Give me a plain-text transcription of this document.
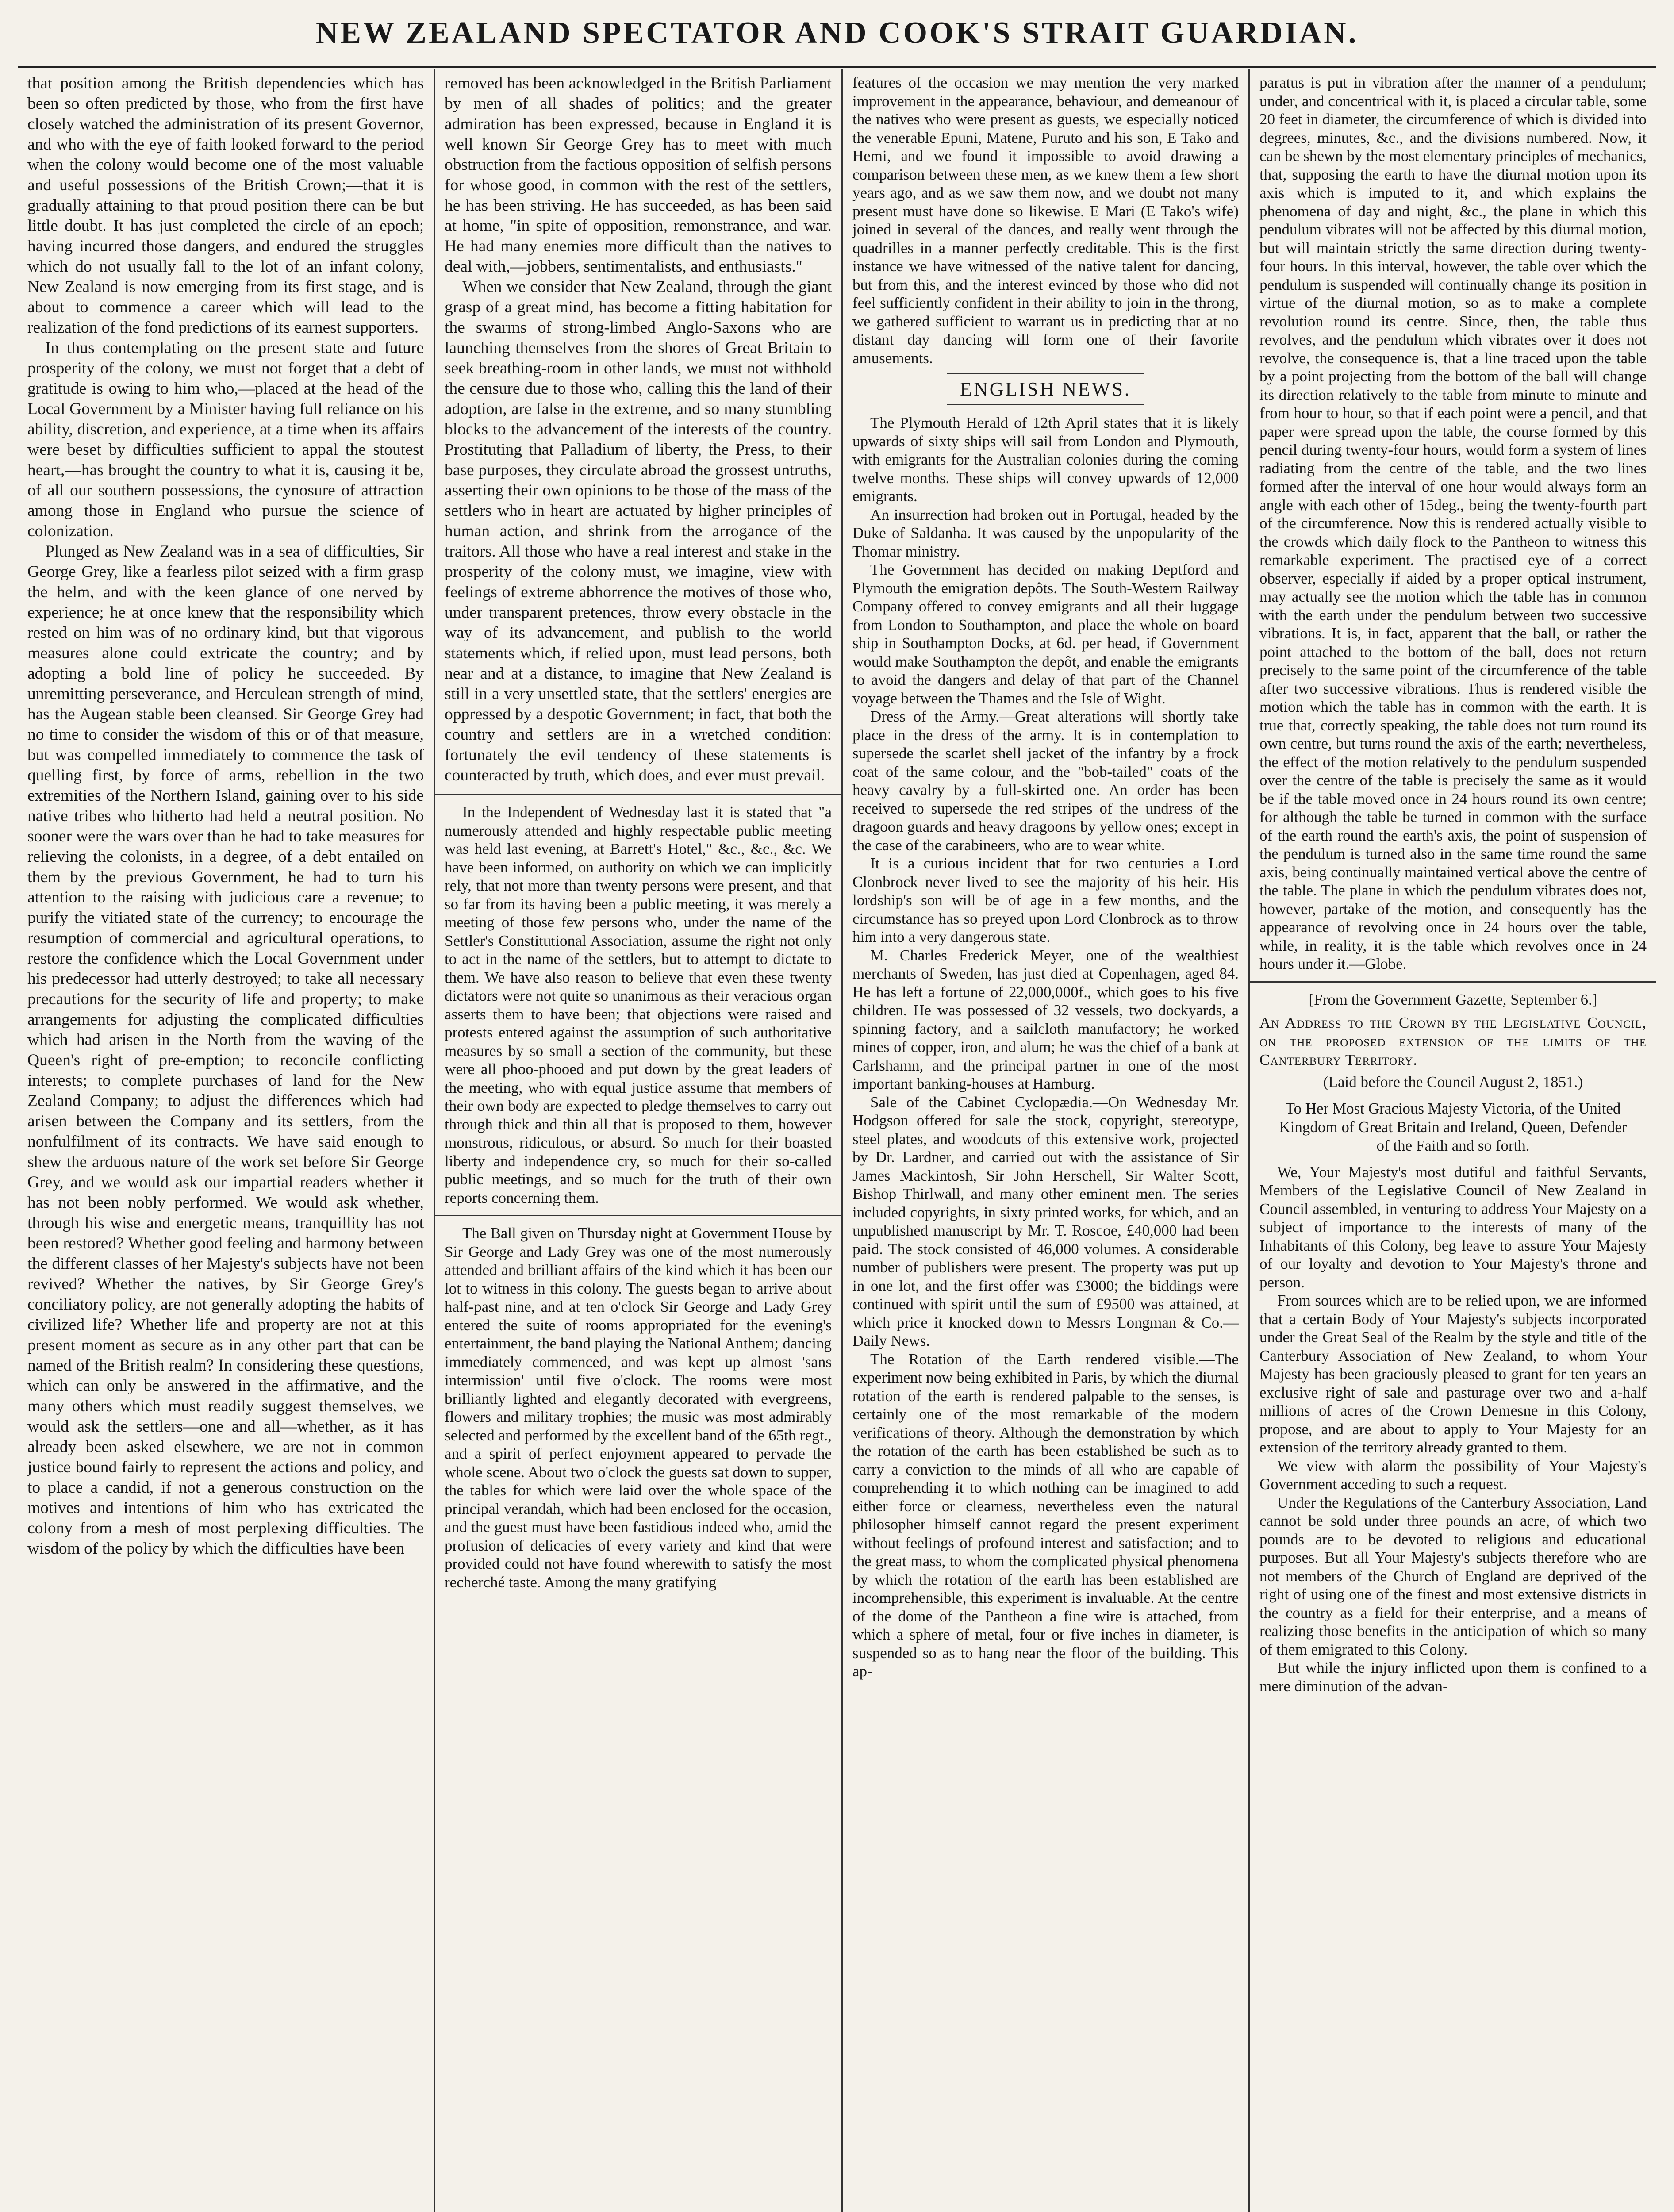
NEW ZEALAND SPECTATOR AND COOK'S STRAIT GUARDIAN.

that position among the British dependencies which has been so often predicted by those, who from the first have closely watched the administration of its present Governor, and who with the eye of faith looked forward to the period when the colony would become one of the most valuable and useful possessions of the British Crown;—that it is gradually attaining to that proud position there can be but little doubt. It has just completed the circle of an epoch; having incurred those dangers, and endured the struggles which do not usually fall to the lot of an infant colony, New Zealand is now emerging from its first stage, and is about to commence a career which will lead to the realization of the fond predictions of its earnest supporters.

In thus contemplating on the present state and future prosperity of the colony, we must not forget that a debt of gratitude is owing to him who,—placed at the head of the Local Government by a Minister having full reliance on his ability, discretion, and experience, at a time when its affairs were beset by difficulties sufficient to appal the stoutest heart,—has brought the country to what it is, causing it be, of all our southern possessions, the cynosure of attraction among those in England who pursue the science of colonization.

Plunged as New Zealand was in a sea of difficulties, Sir George Grey, like a fearless pilot seized with a firm grasp the helm, and with the keen glance of one nerved by experience; he at once knew that the responsibility which rested on him was of no ordinary kind, but that vigorous measures alone could extricate the country; and by adopting a bold line of policy he succeeded. By unremitting perseverance, and Herculean strength of mind, has the Augean stable been cleansed. Sir George Grey had no time to consider the wisdom of this or of that measure, but was compelled immediately to commence the task of quelling first, by force of arms, rebellion in the two extremities of the Northern Island, gaining over to his side native tribes who hitherto had held a neutral position. No sooner were the wars over than he had to take measures for relieving the colonists, in a degree, of a debt entailed on them by the previous Government, he had to turn his attention to the raising with judicious care a revenue; to purify the vitiated state of the currency; to encourage the resumption of commercial and agricultural operations, to restore the confidence which the Local Government under his predecessor had utterly destroyed; to take all necessary precautions for the security of life and property; to make arrangements for adjusting the complicated difficulties which had arisen in the North from the waving of the Queen's right of pre-emption; to reconcile conflicting interests; to complete purchases of land for the New Zealand Company; to adjust the differences which had arisen between the Company and its settlers, from the nonfulfilment of its contracts. We have said enough to shew the arduous nature of the work set before Sir George Grey, and we would ask our impartial readers whether it has not been nobly performed. We would ask whether, through his wise and energetic means, tranquillity has not been restored? Whether good feeling and harmony between the different classes of her Majesty's subjects have not been revived? Whether the natives, by Sir George Grey's conciliatory policy, are not generally adopting the habits of civilized life? Whether life and property are not at this present moment as secure as in any other part that can be named of the British realm? In considering these questions, which can only be answered in the affirmative, and the many others which must readily suggest themselves, we would ask the settlers—one and all—whether, as it has already been asked elsewhere, we are not in common justice bound fairly to represent the actions and policy, and to place a candid, if not a generous construction on the motives and intentions of him who has extricated the colony from a mesh of most perplexing difficulties. The wisdom of the policy by which the difficulties have been

removed has been acknowledged in the British Parliament by men of all shades of politics; and the greater admiration has been expressed, because in England it is well known Sir George Grey has to meet with much obstruction from the factious opposition of selfish persons for whose good, in common with the rest of the settlers, he has been striving. He has succeeded, as has been said at home, "in spite of opposition, remonstrance, and war. He had many enemies more difficult than the natives to deal with,—jobbers, sentimentalists, and enthusiasts."

When we consider that New Zealand, through the giant grasp of a great mind, has become a fitting habitation for the swarms of strong-limbed Anglo-Saxons who are launching themselves from the shores of Great Britain to seek breathing-room in other lands, we must not withhold the censure due to those who, calling this the land of their adoption, are false in the extreme, and so many stumbling blocks to the advancement of the interests of the country. Prostituting that Palladium of liberty, the Press, to their base purposes, they circulate abroad the grossest untruths, asserting their own opinions to be those of the mass of the settlers who in heart are actuated by higher principles of human action, and shrink from the arrogance of the traitors. All those who have a real interest and stake in the prosperity of the colony must, we imagine, view with feelings of extreme abhorrence the motives of those who, under transparent pretences, throw every obstacle in the way of its advancement, and publish to the world statements which, if relied upon, must lead persons, both near and at a distance, to imagine that New Zealand is still in a very unsettled state, that the settlers' energies are oppressed by a despotic Government; in fact, that both the country and settlers are in a wretched condition: fortunately the evil tendency of these statements is counteracted by truth, which does, and ever must prevail.

In the Independent of Wednesday last it is stated that "a numerously attended and highly respectable public meeting was held last evening, at Barrett's Hotel," &c., &c., &c. We have been informed, on authority on which we can implicitly rely, that not more than twenty persons were present, and that so far from its having been a public meeting, it was merely a meeting of those few persons who, under the name of the Settler's Constitutional Association, assume the right not only to act in the name of the settlers, but to attempt to dictate to them. We have also reason to believe that even these twenty dictators were not quite so unanimous as their veracious organ asserts them to have been; that objections were raised and protests entered against the assumption of such authoritative measures by so small a section of the community, but these were all phoo-phooed and put down by the great leaders of the meeting, who with equal justice assume that members of their own body are expected to pledge themselves to carry out through thick and thin all that is proposed to them, however monstrous, ridiculous, or absurd. So much for their boasted liberty and independence cry, so much for their so-called public meetings, and so much for the truth of their own reports concerning them.

The Ball given on Thursday night at Government House by Sir George and Lady Grey was one of the most numerously attended and brilliant affairs of the kind which it has been our lot to witness in this colony. The guests began to arrive about half-past nine, and at ten o'clock Sir George and Lady Grey entered the suite of rooms appropriated for the evening's entertainment, the band playing the National Anthem; dancing immediately commenced, and was kept up almost 'sans intermission' until five o'clock. The rooms were most brilliantly lighted and elegantly decorated with evergreens, flowers and military trophies; the music was most admirably selected and performed by the excellent band of the 65th regt., and a spirit of perfect enjoyment appeared to pervade the whole scene. About two o'clock the guests sat down to supper, the tables for which were laid over the whole space of the principal verandah, which had been enclosed for the occasion, and the guest must have been fastidious indeed who, amid the profusion of delicacies of every variety and kind that were provided could not have found wherewith to satisfy the most recherché taste. Among the many gratifying

features of the occasion we may mention the very marked improvement in the appearance, behaviour, and demeanour of the natives who were present as guests, we especially noticed the venerable Epuni, Matene, Puruto and his son, E Tako and Hemi, and we found it impossible to avoid drawing a comparison between these men, as we knew them a few short years ago, and as we saw them now, and we doubt not many present must have done so likewise. E Mari (E Tako's wife) joined in several of the dances, and really went through the quadrilles in a manner perfectly creditable. This is the first instance we have witnessed of the native talent for dancing, but from this, and the interest evinced by those who did not feel sufficiently confident in their ability to join in the throng, we gathered sufficient to warrant us in predicting that at no distant day dancing will form one of their favorite amusements.

ENGLISH NEWS.

The Plymouth Herald of 12th April states that it is likely upwards of sixty ships will sail from London and Plymouth, with emigrants for the Australian colonies during the coming twelve months. These ships will convey upwards of 12,000 emigrants.

An insurrection had broken out in Portugal, headed by the Duke of Saldanha. It was caused by the unpopularity of the Thomar ministry.

The Government has decided on making Deptford and Plymouth the emigration depôts. The South-Western Railway Company offered to convey emigrants and all their luggage from London to Southampton, and place the whole on board ship in Southampton Docks, at 6d. per head, if Government would make Southampton the depôt, and enable the emigrants to avoid the dangers and delay of that part of the Channel voyage between the Thames and the Isle of Wight.

Dress of the Army.—Great alterations will shortly take place in the dress of the army. It is in contemplation to supersede the scarlet shell jacket of the infantry by a frock coat of the same colour, and the "bob-tailed" coats of the heavy cavalry by a full-skirted one. An order has been received to supersede the red stripes of the undress of the dragoon guards and heavy dragoons by yellow ones; except in the case of the carabineers, who are to wear white.

It is a curious incident that for two centuries a Lord Clonbrock never lived to see the majority of his heir. His lordship's son will be of age in a few months, and the circumstance has so preyed upon Lord Clonbrock as to throw him into a very dangerous state.

M. Charles Frederick Meyer, one of the wealthiest merchants of Sweden, has just died at Copenhagen, aged 84. He has left a fortune of 22,000,000f., which goes to his five children. He was possessed of 32 vessels, two dockyards, a spinning factory, and a sailcloth manufactory; he worked mines of copper, iron, and alum; he was the chief of a bank at Carlshamn, and the principal partner in one of the most important banking-houses at Hamburg.

Sale of the Cabinet Cyclopædia.—On Wednesday Mr. Hodgson offered for sale the stock, copyright, stereotype, steel plates, and woodcuts of this extensive work, projected by Dr. Lardner, and carried out with the assistance of Sir James Mackintosh, Sir John Herschell, Sir Walter Scott, Bishop Thirlwall, and many other eminent men. The series included copyrights, in sixty printed works, for which, and an unpublished manuscript by Mr. T. Roscoe, £40,000 had been paid. The stock consisted of 46,000 volumes. A considerable number of publishers were present. The property was put up in one lot, and the first offer was £3000; the biddings were continued with spirit until the sum of £9500 was attained, at which price it knocked down to Messrs Longman & Co.—Daily News.

The Rotation of the Earth rendered visible.—The experiment now being exhibited in Paris, by which the diurnal rotation of the earth is rendered palpable to the senses, is certainly one of the most remarkable of the modern verifications of theory. Although the demonstration by which the rotation of the earth has been established be such as to carry a conviction to the minds of all who are capable of comprehending it to which nothing can be imagined to add either force or clearness, nevertheless even the natural philosopher himself cannot regard the present experiment without feelings of profound interest and satisfaction; and to the great mass, to whom the complicated physical phenomena by which the rotation of the earth has been established are incomprehensible, this experiment is invaluable. At the centre of the dome of the Pantheon a fine wire is attached, from which a sphere of metal, four or five inches in diameter, is suspended so as to hang near the floor of the building. This ap-

paratus is put in vibration after the manner of a pendulum; under, and concentrical with it, is placed a circular table, some 20 feet in diameter, the circumference of which is divided into degrees, minutes, &c., and the divisions numbered. Now, it can be shewn by the most elementary principles of mechanics, that, supposing the earth to have the diurnal motion upon its axis which is imputed to it, and which explains the phenomena of day and night, &c., the plane in which this pendulum vibrates will not be affected by this diurnal motion, but will maintain strictly the same direction during twenty-four hours. In this interval, however, the table over which the pendulum is suspended will continually change its position in virtue of the diurnal motion, so as to make a complete revolution round its centre. Since, then, the table thus revolves, and the pendulum which vibrates over it does not revolve, the consequence is, that a line traced upon the table by a point projecting from the bottom of the ball will change its direction relatively to the table from minute to minute and from hour to hour, so that if each point were a pencil, and that paper were spread upon the table, the course formed by this pencil during twenty-four hours, would form a system of lines radiating from the centre of the table, and the two lines formed after the interval of one hour would always form an angle with each other of 15deg., being the twenty-fourth part of the circumference. Now this is rendered actually visible to the crowds which daily flock to the Pantheon to witness this remarkable experiment. The practised eye of a correct observer, especially if aided by a proper optical instrument, may actually see the motion which the table has in common with the earth under the pendulum between two successive vibrations. It is, in fact, apparent that the ball, or rather the point attached to the bottom of the ball, does not return precisely to the same point of the circumference of the table after two successive vibrations. Thus is rendered visible the motion which the table has in common with the earth. It is true that, correctly speaking, the table does not turn round its own centre, but turns round the axis of the earth; nevertheless, the effect of the motion relatively to the pendulum suspended over the centre of the table is precisely the same as it would be if the table moved once in 24 hours round its own centre; for although the table be turned in common with the surface of the earth round the earth's axis, the point of suspension of the pendulum is turned also in the same time round the same axis, being continually maintained vertical above the centre of the table. The plane in which the pendulum vibrates does not, however, partake of the motion, and consequently has the appearance of revolving once in 24 hours over the table, while, in reality, it is the table which revolves once in 24 hours under it.—Globe.

[From the Government Gazette, September 6.]
An Address to the Crown by the Legislative Council, on the proposed extension of the limits of the Canterbury Territory.
(Laid before the Council August 2, 1851.)
To Her Most Gracious Majesty Victoria, of the United Kingdom of Great Britain and Ireland, Queen, Defender of the Faith and so forth.

We, Your Majesty's most dutiful and faithful Servants, Members of the Legislative Council of New Zealand in Council assembled, in venturing to address Your Majesty on a subject of importance to the interests of many of the Inhabitants of this Colony, beg leave to assure Your Majesty of our loyalty and devotion to Your Majesty's throne and person.

From sources which are to be relied upon, we are informed that a certain Body of Your Majesty's subjects incorporated under the Great Seal of the Realm by the style and title of the Canterbury Association of New Zealand, to whom Your Majesty has been graciously pleased to grant for ten years an exclusive right of sale and pasturage over two and a-half millions of acres of the Crown Demesne in this Colony, propose, and are about to apply to Your Majesty for an extension of the territory already granted to them.

We view with alarm the possibility of Your Majesty's Government acceding to such a request.

Under the Regulations of the Canterbury Association, Land cannot be sold under three pounds an acre, of which two pounds are to be devoted to religious and educational purposes. But all Your Majesty's subjects therefore who are not members of the Church of England are deprived of the right of using one of the finest and most extensive districts in the country as a field for their enterprise, and a means of realizing those benefits in the anticipation of which so many of them emigrated to this Colony.

But while the injury inflicted upon them is confined to a mere diminution of the advan-
